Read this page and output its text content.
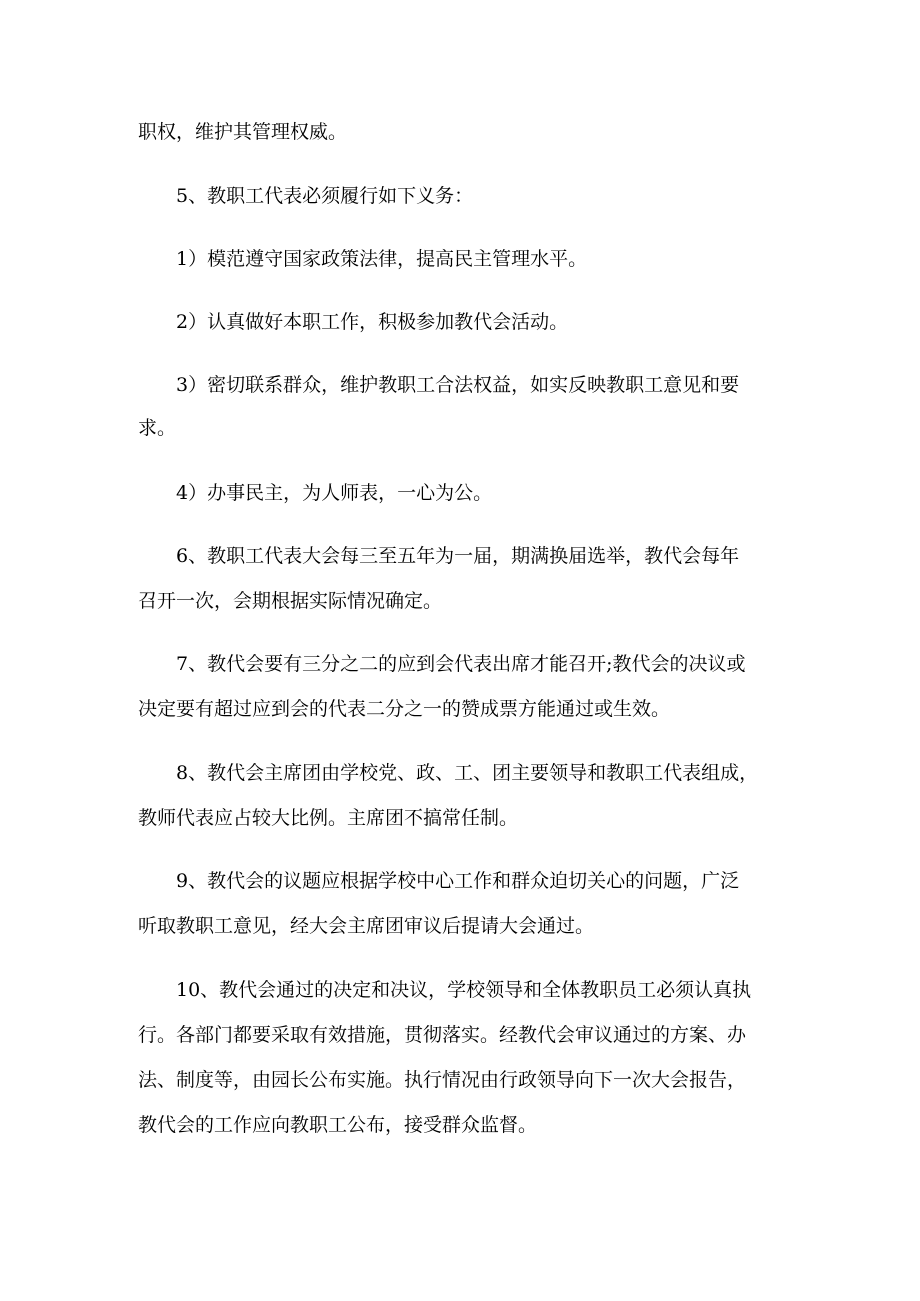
职权，维护其管理权威。
5、教职工代表必须履行如下义务：
1）模范遵守国家政策法律，提高民主管理水平。
2）认真做好本职工作，积极参加教代会活动。
3）密切联系群众，维护教职工合法权益，如实反映教职工意见和要
求。
4）办事民主，为人师表，一心为公。
6、教职工代表大会每三至五年为一届，期满换届选举，教代会每年
召开一次，会期根据实际情况确定。
7、教代会要有三分之二的应到会代表出席才能召开;教代会的决议或
决定要有超过应到会的代表二分之一的赞成票方能通过或生效。
8、教代会主席团由学校党、政、工、团主要领导和教职工代表组成，
教师代表应占较大比例。主席团不搞常任制。
9、教代会的议题应根据学校中心工作和群众迫切关心的问题，广泛
听取教职工意见，经大会主席团审议后提请大会通过。
10、教代会通过的决定和决议，学校领导和全体教职员工必须认真执
行。各部门都要采取有效措施，贯彻落实。经教代会审议通过的方案、办
法、制度等，由园长公布实施。执行情况由行政领导向下一次大会报告，
教代会的工作应向教职工公布，接受群众监督。
